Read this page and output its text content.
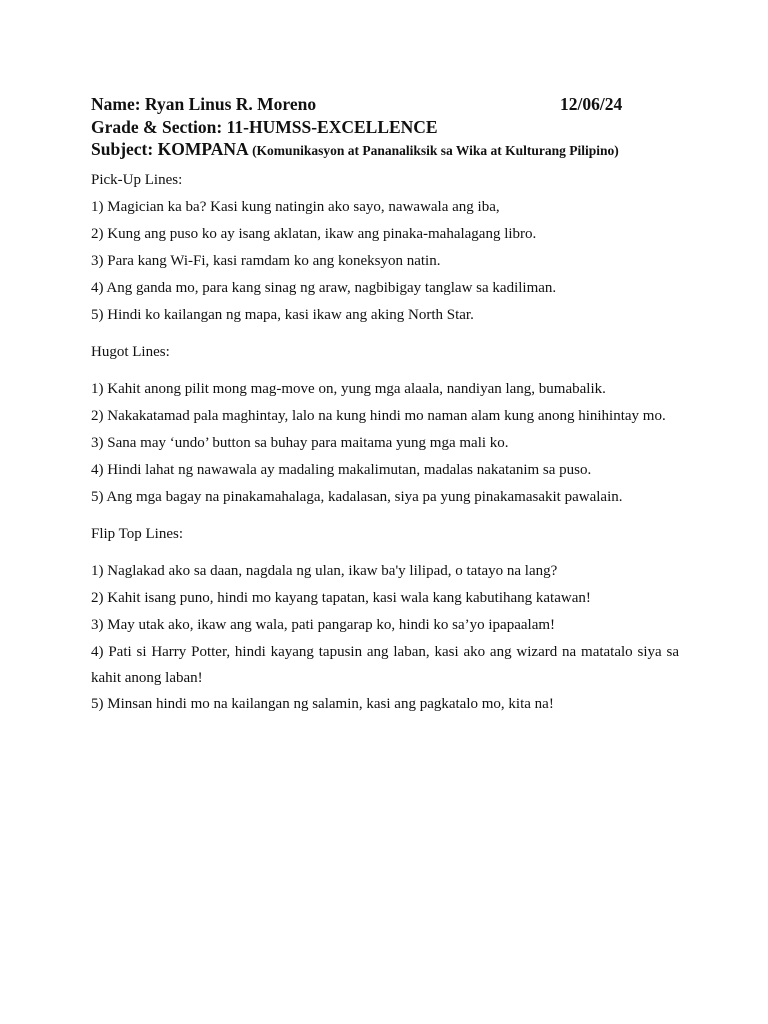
Name: Ryan Linus R. Moreno	12/06/24
Grade & Section: 11-HUMSS-EXCELLENCE
Subject: KOMPANA (Komunikasyon at Pananaliksik sa Wika at Kulturang Pilipino)
Pick-Up Lines:
1) Magician ka ba? Kasi kung natingin ako sayo, nawawala ang iba,
2) Kung ang puso ko ay isang aklatan, ikaw ang pinaka-mahalagang libro.
3) Para kang Wi-Fi, kasi ramdam ko ang koneksyon natin.
4) Ang ganda mo, para kang sinag ng araw, nagbibigay tanglaw sa kadiliman.
5) Hindi ko kailangan ng mapa, kasi ikaw ang aking North Star.
Hugot Lines:
1) Kahit anong pilit mong mag-move on, yung mga alaala, nandiyan lang, bumabalik.
2) Nakakatamad pala maghintay, lalo na kung hindi mo naman alam kung anong hinihintay mo.
3) Sana may ‘undo’ button sa buhay para maitama yung mga mali ko.
4) Hindi lahat ng nawawala ay madaling makalimutan, madalas nakatanim sa puso.
5) Ang mga bagay na pinakamahalaga, kadalasan, siya pa yung pinakamasakit pawalain.
Flip Top Lines:
1) Naglakad ako sa daan, nagdala ng ulan, ikaw ba'y lilipad, o tatayo na lang?
2) Kahit isang puno, hindi mo kayang tapatan, kasi wala kang kabutihang katawan!
3) May utak ako, ikaw ang wala, pati pangarap ko, hindi ko sa’yo ipapaalam!
4) Pati si Harry Potter, hindi kayang tapusin ang laban, kasi ako ang wizard na matatalo siya sa kahit anong laban!
5) Minsan hindi mo na kailangan ng salamin, kasi ang pagkatalo mo, kita na!
